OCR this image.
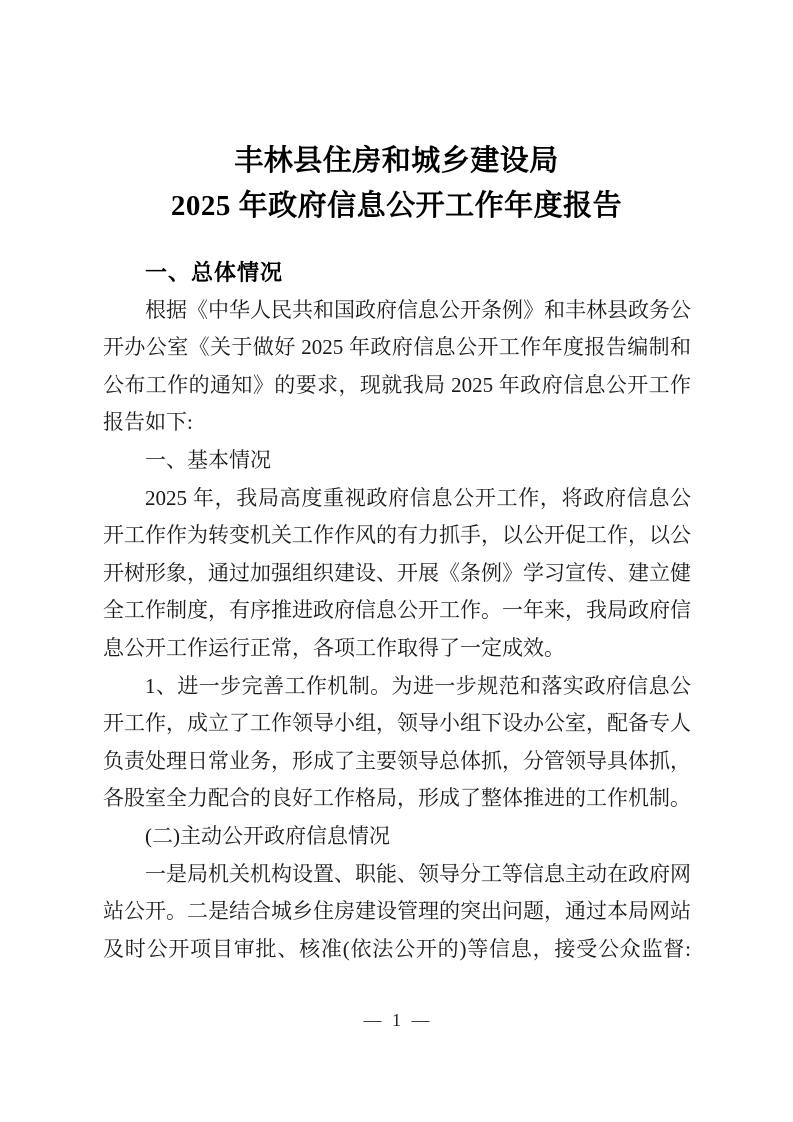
丰林县住房和城乡建设局
2025 年政府信息公开工作年度报告
一、总体情况
根据《中华人民共和国政府信息公开条例》和丰林县政务公
开办公室《关于做好 2025 年政府信息公开工作年度报告编制和
公布工作的通知》的要求，现就我局 2025 年政府信息公开工作
报告如下:
一、基本情况
2025 年，我局高度重视政府信息公开工作，将政府信息公
开工作作为转变机关工作作风的有力抓手，以公开促工作，以公
开树形象，通过加强组织建设、开展《条例》学习宣传、建立健
全工作制度，有序推进政府信息公开工作。一年来，我局政府信
息公开工作运行正常，各项工作取得了一定成效。
1、进一步完善工作机制。为进一步规范和落实政府信息公
开工作，成立了工作领导小组，领导小组下设办公室，配备专人
负责处理日常业务，形成了主要领导总体抓，分管领导具体抓，
各股室全力配合的良好工作格局，形成了整体推进的工作机制。
(二)主动公开政府信息情况
一是局机关机构设置、职能、领导分工等信息主动在政府网
站公开。二是结合城乡住房建设管理的突出问题，通过本局网站
及时公开项目审批、核准(依法公开的)等信息，接受公众监督:
— 1 —
